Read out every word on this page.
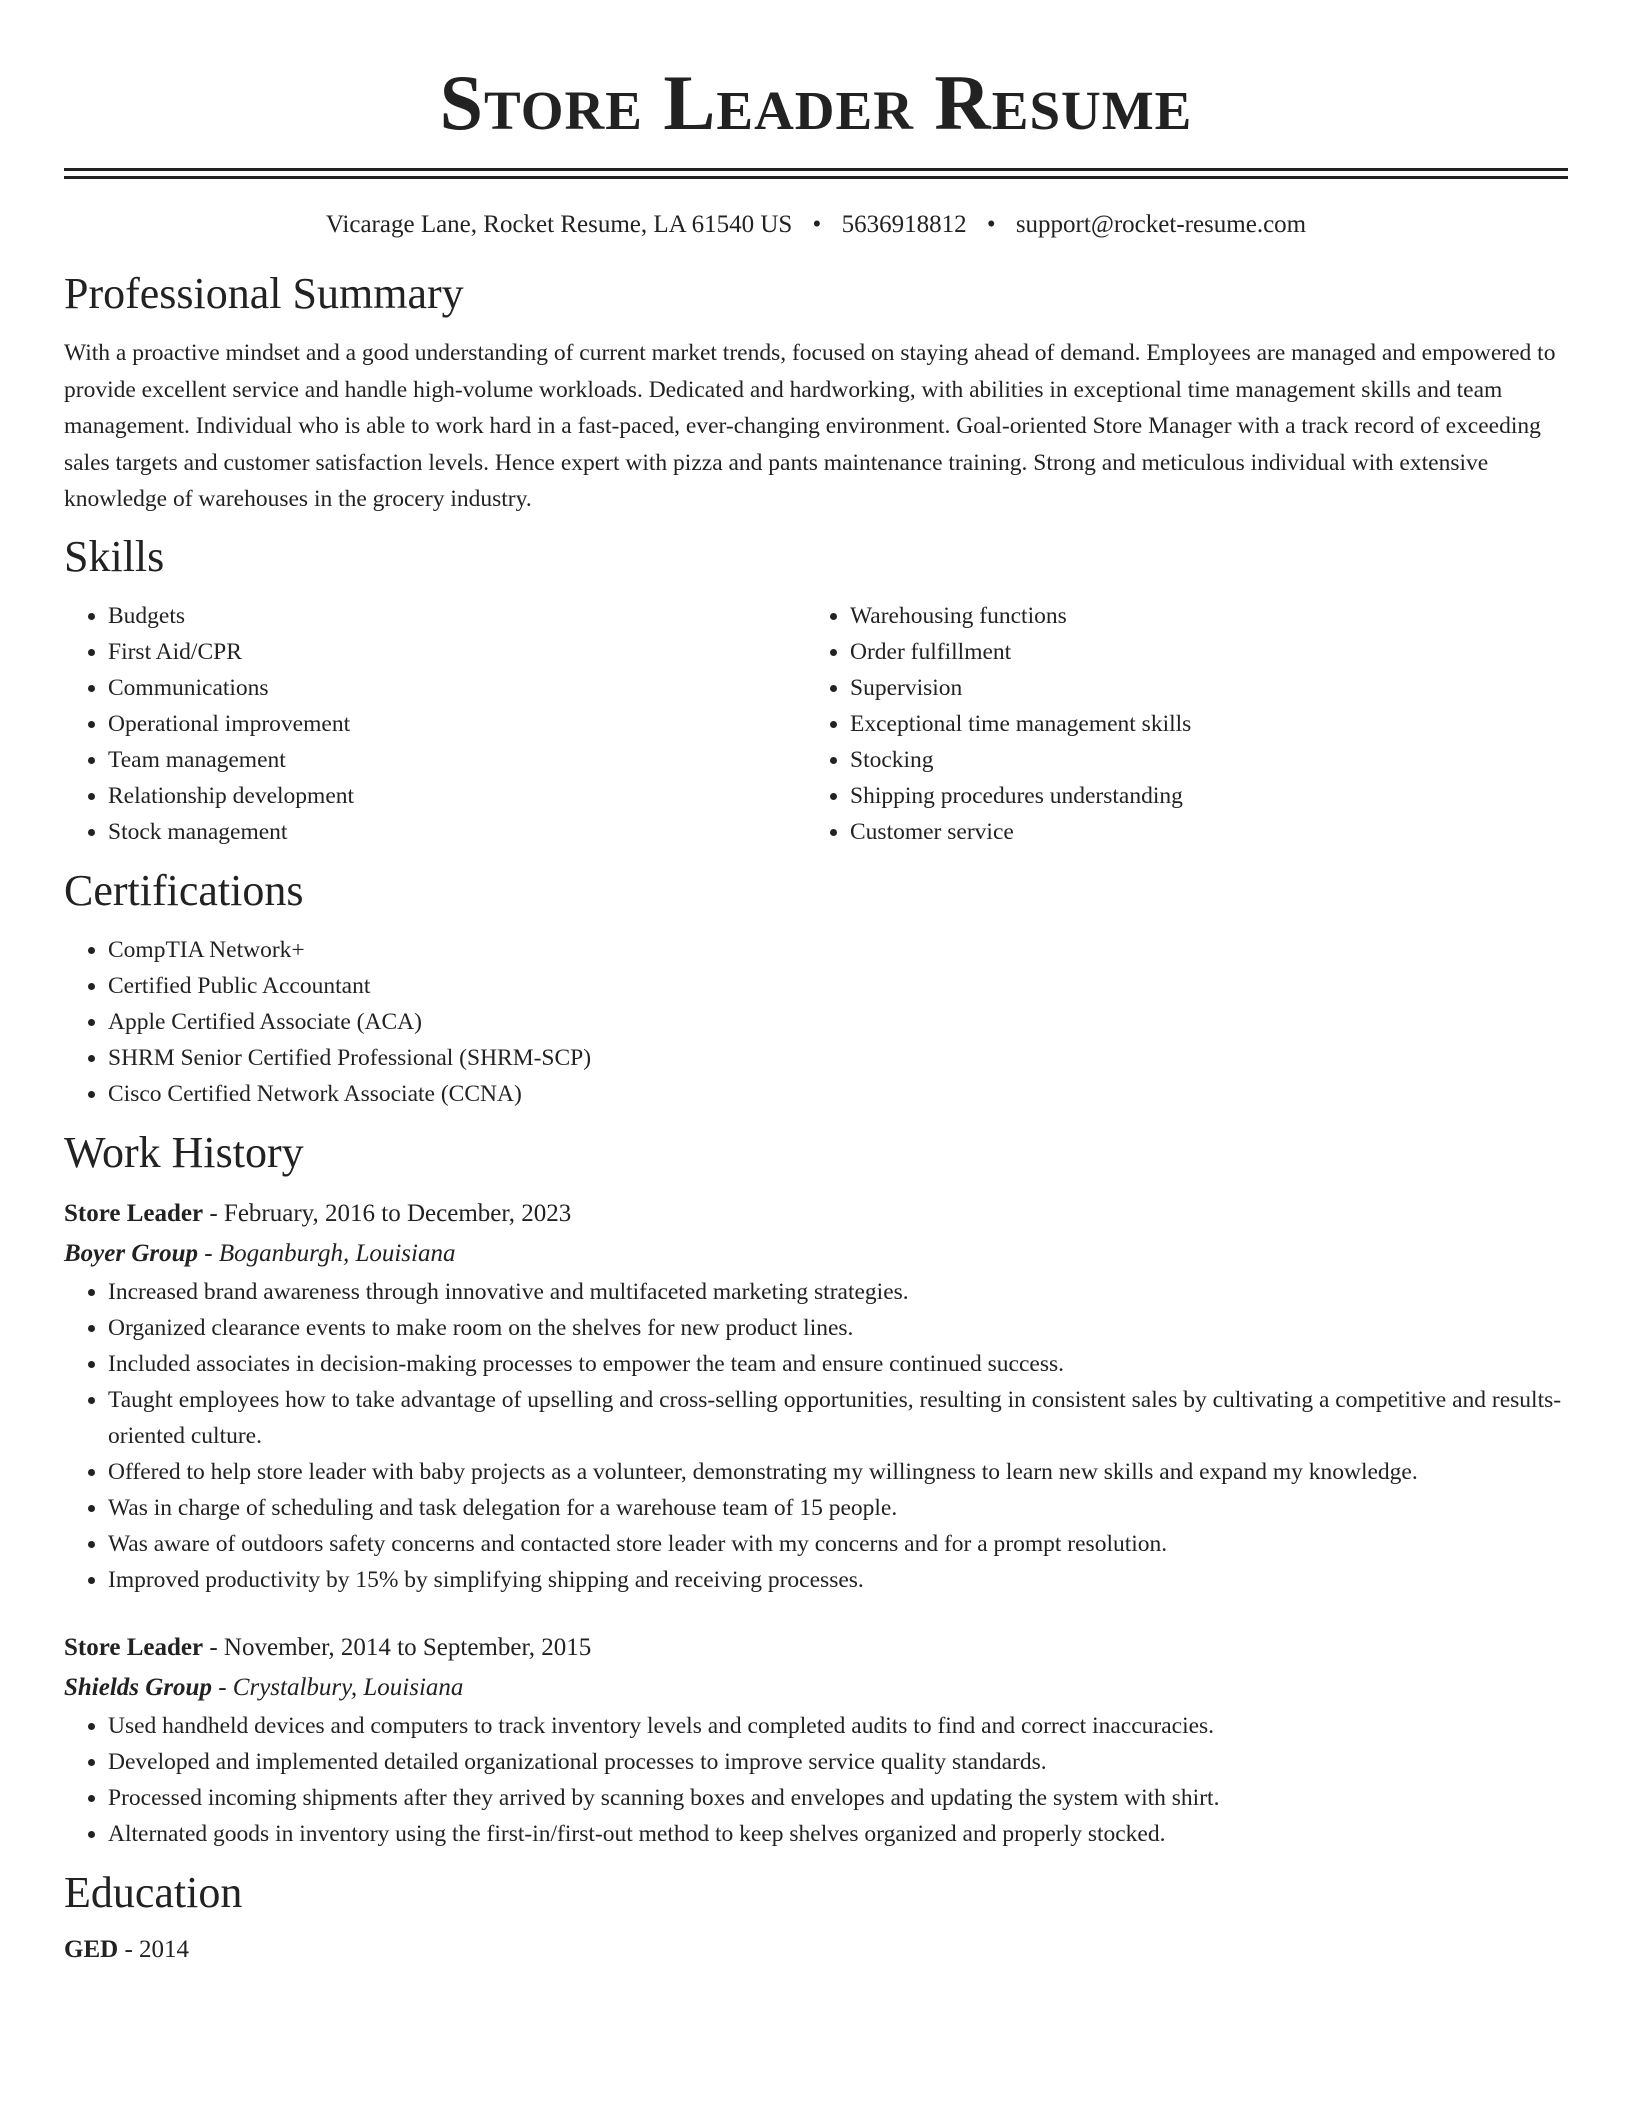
Store Leader Resume
Vicarage Lane, Rocket Resume, LA 61540 US • 5636918812 • support@rocket-resume.com
Professional Summary

With a proactive mindset and a good understanding of current market trends, focused on staying ahead of demand. Employees are managed and empowered to provide excellent service and handle high-volume workloads. Dedicated and hardworking, with abilities in exceptional time management skills and team management. Individual who is able to work hard in a fast-paced, ever-changing environment. Goal-oriented Store Manager with a track record of exceeding sales targets and customer satisfaction levels. Hence expert with pizza and pants maintenance training. Strong and meticulous individual with extensive knowledge of warehouses in the grocery industry.

Skills
• Budgets
• First Aid/CPR
• Communications
• Operational improvement
• Team management
• Relationship development
• Stock management
• Warehousing functions
• Order fulfillment
• Supervision
• Exceptional time management skills
• Stocking
• Shipping procedures understanding
• Customer service
Certifications
• CompTIA Network+
• Certified Public Accountant
• Apple Certified Associate (ACA)
• SHRM Senior Certified Professional (SHRM-SCP)
• Cisco Certified Network Associate (CCNA)
Work History
Store Leader - February, 2016 to December, 2023
Boyer Group - Boganburgh, Louisiana
• Increased brand awareness through innovative and multifaceted marketing strategies.
• Organized clearance events to make room on the shelves for new product lines.
• Included associates in decision-making processes to empower the team and ensure continued success.
• Taught employees how to take advantage of upselling and cross-selling opportunities, resulting in consistent sales by cultivating a competitive and results-oriented culture.
• Offered to help store leader with baby projects as a volunteer, demonstrating my willingness to learn new skills and expand my knowledge.
• Was in charge of scheduling and task delegation for a warehouse team of 15 people.
• Was aware of outdoors safety concerns and contacted store leader with my concerns and for a prompt resolution.
• Improved productivity by 15% by simplifying shipping and receiving processes.
Store Leader - November, 2014 to September, 2015
Shields Group - Crystalbury, Louisiana
• Used handheld devices and computers to track inventory levels and completed audits to find and correct inaccuracies.
• Developed and implemented detailed organizational processes to improve service quality standards.
• Processed incoming shipments after they arrived by scanning boxes and envelopes and updating the system with shirt.
• Alternated goods in inventory using the first-in/first-out method to keep shelves organized and properly stocked.
Education
GED - 2014
